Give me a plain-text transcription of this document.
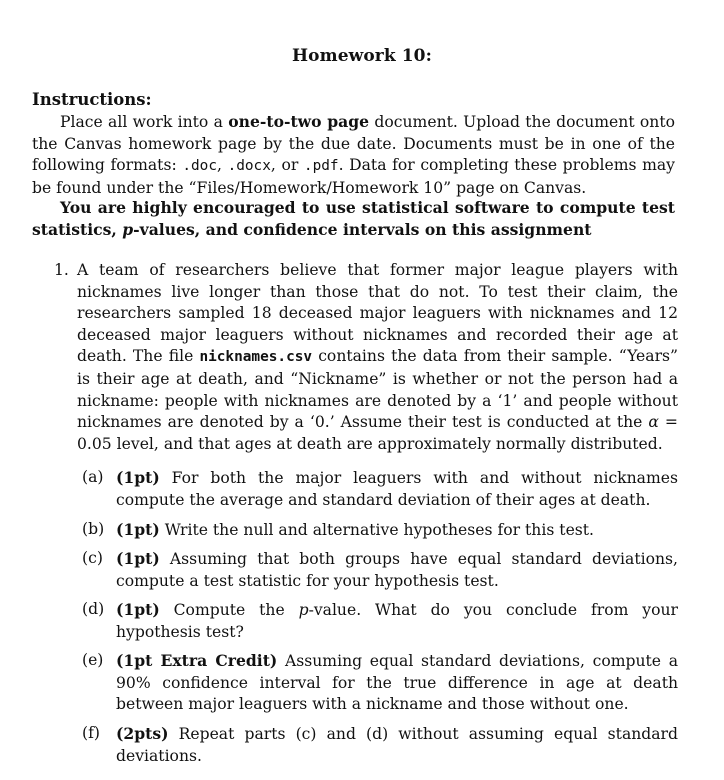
Homework 10:
Instructions:
Place all work into a one-to-two page document. Upload the document onto the Canvas homework page by the due date. Documents must be in one of the following formats: .doc, .docx, or .pdf. Data for completing these problems may be found under the “Files/Homework/Homework 10” page on Canvas.
You are highly encouraged to use statistical software to compute test statistics, p-values, and confidence intervals on this assignment
1. A team of researchers believe that former major league players with nicknames live longer than those that do not. To test their claim, the researchers sampled 18 deceased major leaguers with nicknames and 12 deceased major leaguers without nicknames and recorded their age at death. The file nicknames.csv contains the data from their sample. “Years” is their age at death, and “Nickname” is whether or not the person had a nickname: people with nicknames are denoted by a ‘1’ and people without nicknames are denoted by a ‘0.’ Assume their test is conducted at the α = 0.05 level, and that ages at death are approximately normally distributed.
(a) (1pt) For both the major leaguers with and without nicknames compute the average and standard deviation of their ages at death.
(b) (1pt) Write the null and alternative hypotheses for this test.
(c) (1pt) Assuming that both groups have equal standard deviations, compute a test statistic for your hypothesis test.
(d) (1pt) Compute the p-value. What do you conclude from your hypothesis test?
(e) (1pt Extra Credit) Assuming equal standard deviations, compute a 90% confidence interval for the true difference in age at death between major leaguers with a nickname and those without one.
(f)	(2pts) Repeat parts (c) and (d) without assuming equal standard deviations.
